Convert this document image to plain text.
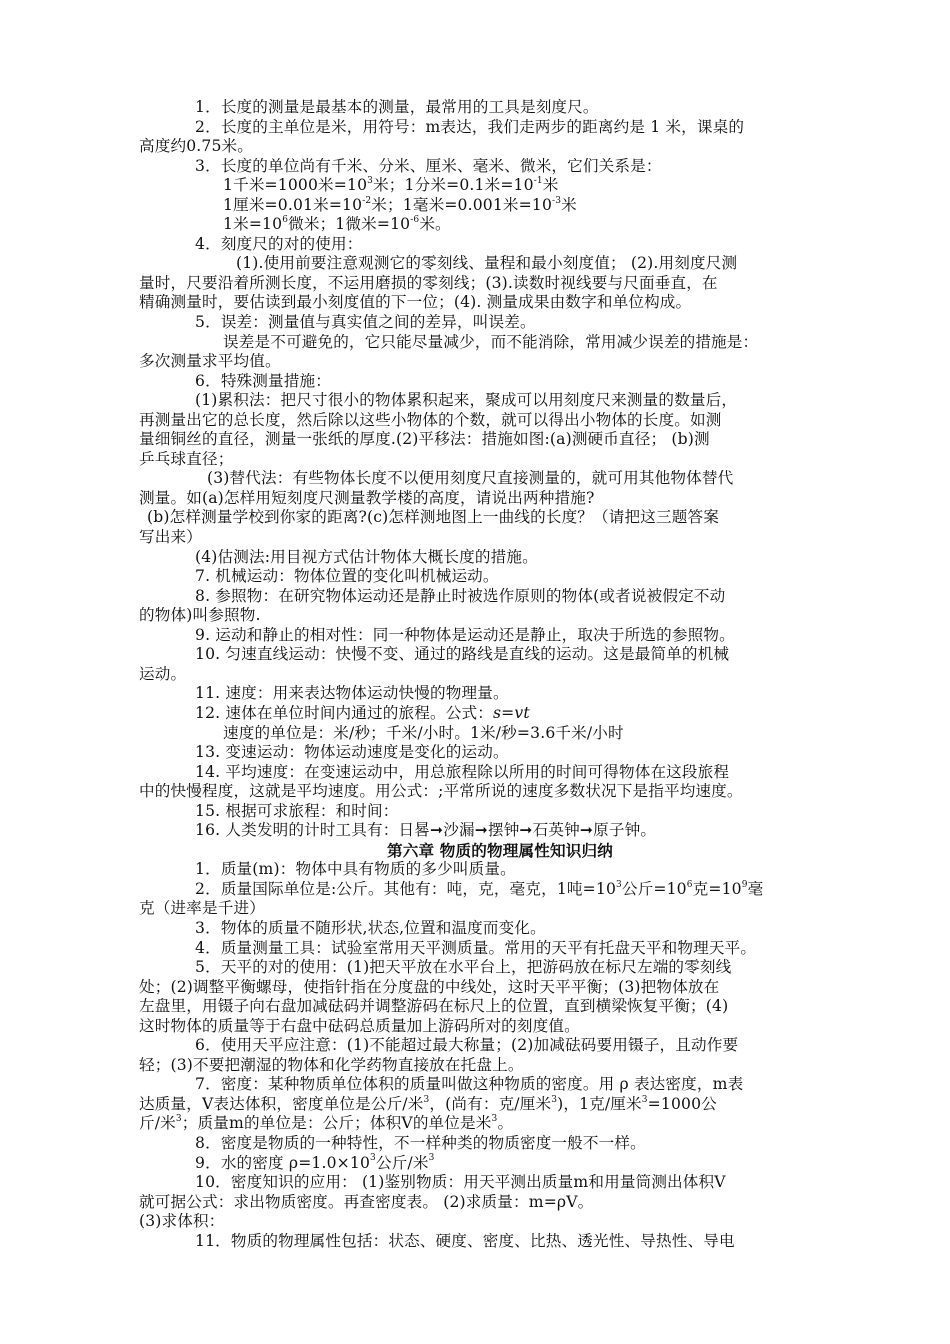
1．长度的测量是最基本的测量，最常用的工具是刻度尺。
2．长度的主单位是米，用符号：m表达，我们走两步的距离约是 1 米，课桌的
高度约0.75米。
3．长度的单位尚有千米、分米、厘米、毫米、微米，它们关系是：
1千米=1000米$=10^3$米；1分米=0.1米$=10^{-1}$米
1厘米=0.01米$=10^{-2}$米；1毫米=0.001米$=10^{-3}$米
1米$=10^6$微米；1微米$=10^{-6}$米。
4．刻度尺的对的使用：
(1).使用前要注意观测它的零刻线、量程和最小刻度值； (2).用刻度尺测
量时，尺要沿着所测长度，不运用磨损的零刻线；(3).读数时视线要与尺面垂直，在
精确测量时，要估读到最小刻度值的下一位；(4). 测量成果由数字和单位构成。
5．误差：测量值与真实值之间的差异，叫误差。
误差是不可避免的，它只能尽量减少，而不能消除，常用减少误差的措施是：
多次测量求平均值。
6．特殊测量措施：
(1)累积法：把尺寸很小的物体累积起来，聚成可以用刻度尺来测量的数量后，
再测量出它的总长度，然后除以这些小物体的个数，就可以得出小物体的长度。如测
量细铜丝的直径，测量一张纸的厚度.(2)平移法：措施如图:(a)测硬币直径； (b)测
乒乓球直径；
(3)替代法：有些物体长度不以便用刻度尺直接测量的，就可用其他物体替代
测量。如(a)怎样用短刻度尺测量教学楼的高度，请说出两种措施?
(b)怎样测量学校到你家的距离?(c)怎样测地图上一曲线的长度？（请把这三题答案
写出来）
(4)估测法:用目视方式估计物体大概长度的措施。
7. 机械运动：物体位置的变化叫机械运动。
8. 参照物：在研究物体运动还是静止时被选作原则的物体(或者说被假定不动
的物体)叫参照物.
9. 运动和静止的相对性：同一种物体是运动还是静止，取决于所选的参照物。
10. 匀速直线运动：快慢不变、通过的路线是直线的运动。这是最简单的机械
运动。
11. 速度：用来表达物体运动快慢的物理量。
12. 速体在单位时间内通过的旅程。公式：s=vt
速度的单位是：米/秒；千米/小时。1米/秒=3.6千米/小时
13. 变速运动：物体运动速度是变化的运动。
14. 平均速度：在变速运动中，用总旅程除以所用的时间可得物体在这段旅程
中的快慢程度，这就是平均速度。用公式：;平常所说的速度多数状况下是指平均速度。
15. 根据可求旅程：和时间：
16. 人类发明的计时工具有：日晷➞沙漏➞摆钟➞石英钟➞原子钟。
第六章 物质的物理属性知识归纳
1．质量(m)：物体中具有物质的多少叫质量。
2．质量国际单位是:公斤。其他有：吨，克，毫克，1吨$=10^3$公斤$=10^6$克$=10^9$毫
克（进率是千进）
3．物体的质量不随形状,状态,位置和温度而变化。
4．质量测量工具：试验室常用天平测质量。常用的天平有托盘天平和物理天平。
5．天平的对的使用：(1)把天平放在水平台上，把游码放在标尺左端的零刻线
处；(2)调整平衡螺母，使指针指在分度盘的中线处，这时天平平衡；(3)把物体放在
左盘里，用镊子向右盘加减砝码并调整游码在标尺上的位置，直到横梁恢复平衡；(4)
这时物体的质量等于右盘中砝码总质量加上游码所对的刻度值。
6．使用天平应注意：(1)不能超过最大称量；(2)加减砝码要用镊子，且动作要
轻；(3)不要把潮湿的物体和化学药物直接放在托盘上。
7．密度：某种物质单位体积的质量叫做这种物质的密度。用 ρ 表达密度，m表
达质量，V表达体积，密度单位是公斤/米$^3$，(尚有：克/厘米$^3$)，1克/厘米$^3$=1000公
斤/米$^3$；质量m的单位是：公斤；体积V的单位是米$^3$。
8．密度是物质的一种特性，不一样种类的物质密度一般不一样。
9．水的密度 $\rho=1.0\times 10^3$公斤/米$^3$
10．密度知识的应用： (1)鉴别物质：用天平测出质量m和用量筒测出体积V
就可据公式：求出物质密度。再查密度表。 (2)求质量：m=ρV。
(3)求体积：
11．物质的物理属性包括：状态、硬度、密度、比热、透光性、导热性、导电
